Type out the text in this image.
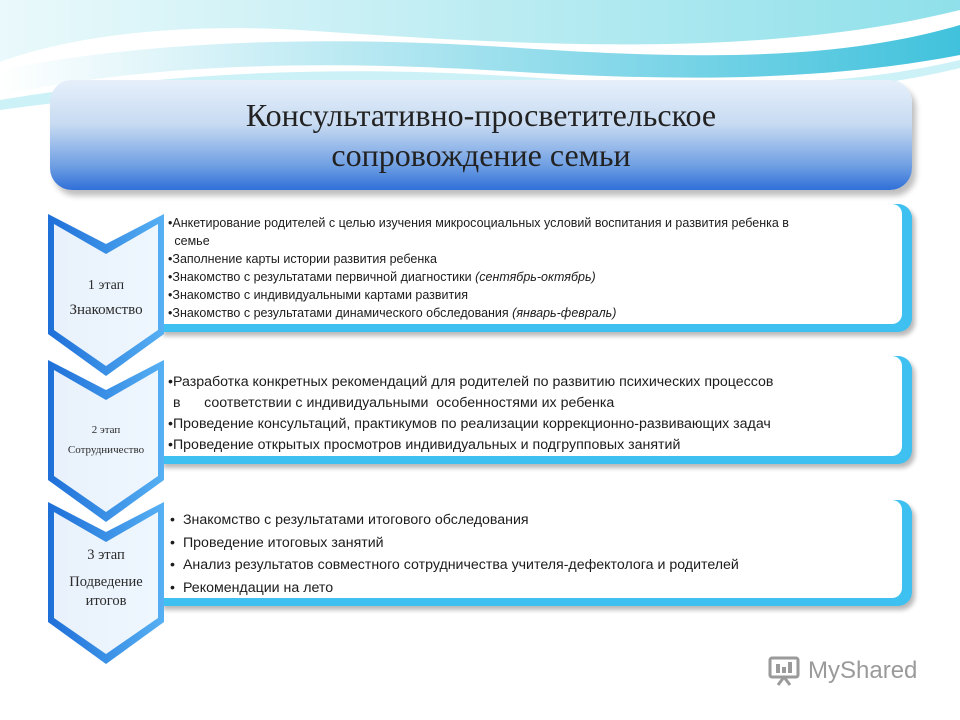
Консультативно-просветительское
сопровождение семьи
• Анкетирование родителей с целью изучения микросоциальных условий воспитания и развития ребенка в
семье
• Заполнение карты истории развития ребенка
• Знакомство с результатами первичной диагностики (сентябрь-октябрь)
• Знакомство с индивидуальными картами развития
• Знакомство с результатами динамического обследования (январь-февраль)
1 этап
Знакомство
• Разработка конкретных рекомендаций для родителей по развитию психических процессов
в      соответствии с индивидуальными  особенностями их ребенка
• Проведение консультаций, практикумов по реализации коррекционно-развивающих задач
• Проведение открытых просмотров индивидуальных и подгрупповых занятий
2 этап
Сотрудничество
• Знакомство с результатами итогового обследования
• Проведение итоговых занятий
• Анализ результатов совместного сотрудничества учителя-дефектолога и родителей
• Рекомендации на лето
3 этап
Подведение итогов
MyShared
